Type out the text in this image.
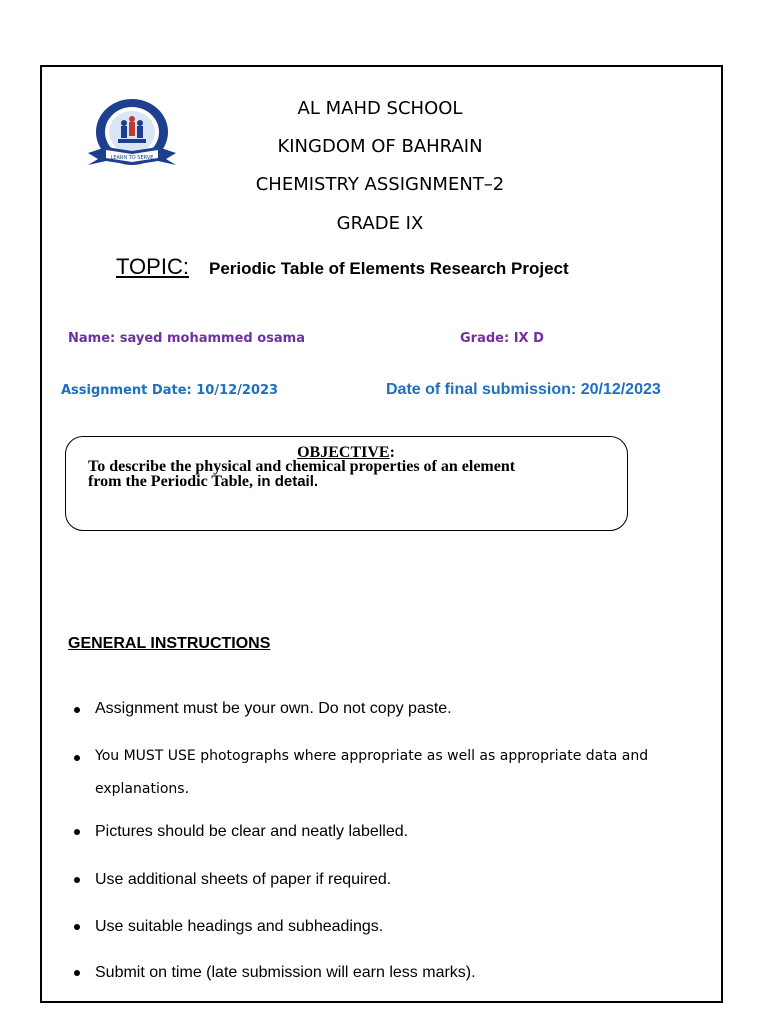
LEARN TO SERVE
AL MAHD SCHOOL
KINGDOM OF BAHRAIN
CHEMISTRY ASSIGNMENT–2
GRADE IX
TOPIC: Periodic Table of Elements Research Project
Name: sayed mohammed osama	Grade: IX D
Assignment Date: 10/12/2023	Date of final submission: 20/12/2023
OBJECTIVE:
To describe the physical and chemical properties of an element
from the Periodic Table, in detail.
GENERAL INSTRUCTIONS
Assignment must be your own. Do not copy paste.
You MUST USE photographs where appropriate as well as appropriate data and
explanations.
Pictures should be clear and neatly labelled.
Use additional sheets of paper if required.
Use suitable headings and subheadings.
Submit on time (late submission will earn less marks).
